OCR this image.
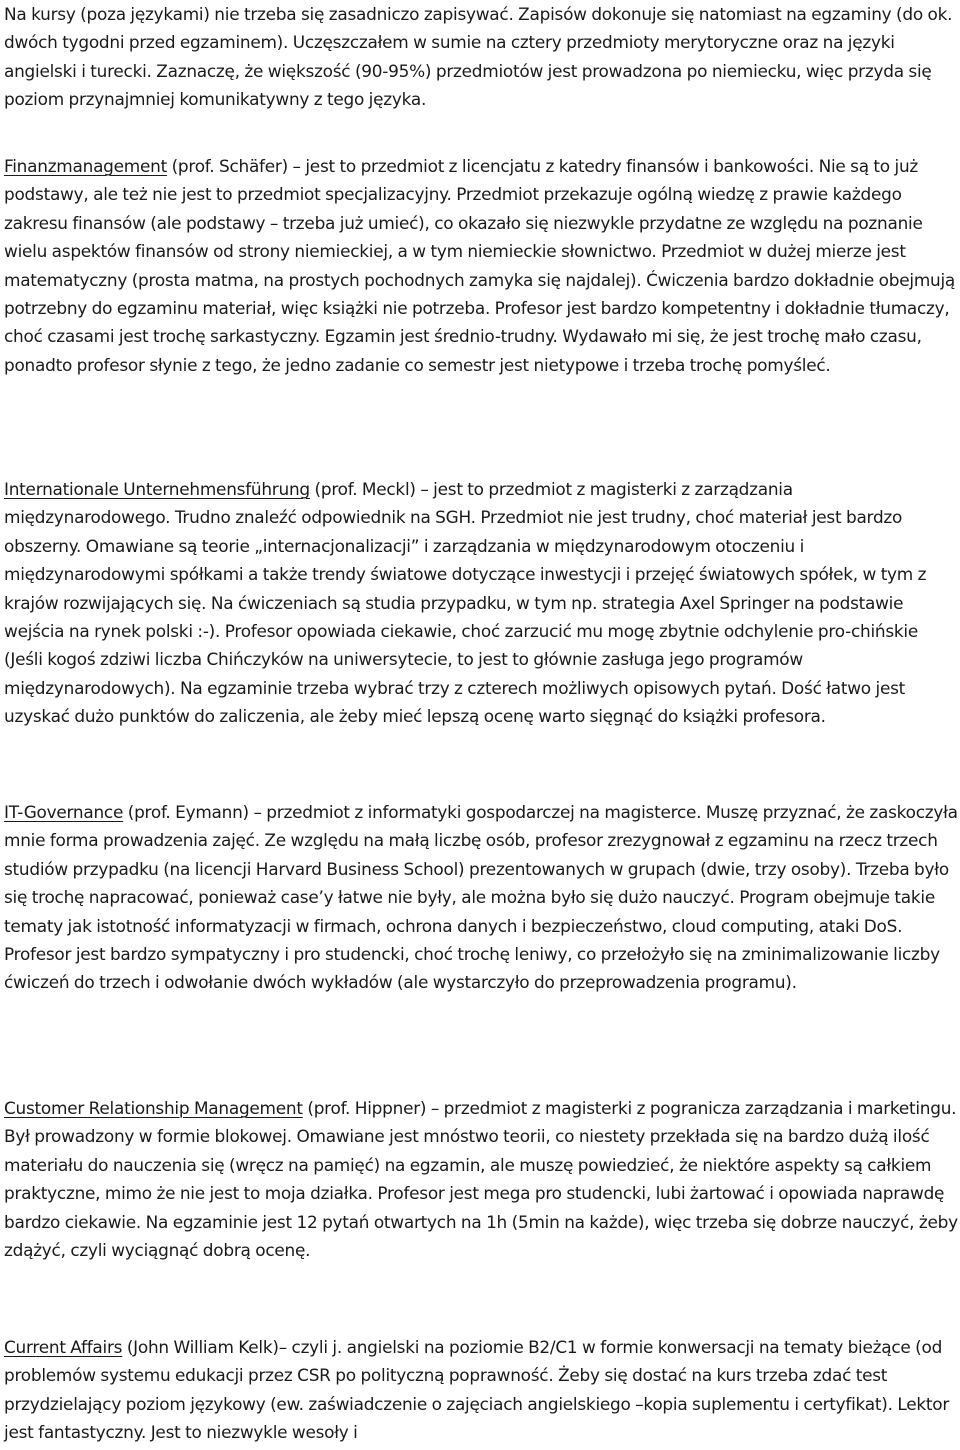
Na kursy (poza językami) nie trzeba się zasadniczo zapisywać. Zapisów dokonuje się natomiast na egzaminy (do ok. dwóch tygodni przed egzaminem). Uczęszczałem w sumie na cztery przedmioty merytoryczne oraz na języki angielski i turecki. Zaznaczę, że większość (90-95%) przedmiotów jest prowadzona po niemiecku, więc przyda się poziom przynajmniej komunikatywny z tego języka.

Finanzmanagement (prof. Schäfer) – jest to przedmiot z licencjatu z katedry finansów i bankowości. Nie są to już podstawy, ale też nie jest to przedmiot specjalizacyjny. Przedmiot przekazuje ogólną wiedzę z prawie każdego zakresu finansów (ale podstawy – trzeba już umieć), co okazało się niezwykle przydatne ze względu na poznanie wielu aspektów finansów od strony niemieckiej, a w tym niemieckie słownictwo. Przedmiot w dużej mierze jest matematyczny (prosta matma, na prostych pochodnych zamyka się najdalej). Ćwiczenia bardzo dokładnie obejmują potrzebny do egzaminu materiał, więc książki nie potrzeba. Profesor jest bardzo kompetentny i dokładnie tłumaczy, choć czasami jest trochę sarkastyczny. Egzamin jest średnio-trudny. Wydawało mi się, że jest trochę mało czasu, ponadto profesor słynie z tego, że jedno zadanie co semestr jest nietypowe i trzeba trochę pomyśleć.

Internationale Unternehmensführung (prof. Meckl) – jest to przedmiot z magisterki z zarządzania międzynarodowego. Trudno znaleźć odpowiednik na SGH. Przedmiot nie jest trudny, choć materiał jest bardzo obszerny. Omawiane są teorie „internacjonalizacji” i zarządzania w międzynarodowym otoczeniu i międzynarodowymi spółkami a także trendy światowe dotyczące inwestycji i przejęć światowych spółek, w tym z krajów rozwijających się. Na ćwiczeniach są studia przypadku, w tym np. strategia Axel Springer na podstawie wejścia na rynek polski :-). Profesor opowiada ciekawie, choć zarzucić mu mogę zbytnie odchylenie pro-chińskie (Jeśli kogoś zdziwi liczba Chińczyków na uniwersytecie, to jest to głównie zasługa jego programów międzynarodowych). Na egzaminie trzeba wybrać trzy z czterech możliwych opisowych pytań. Dość łatwo jest uzyskać dużo punktów do zaliczenia, ale żeby mieć lepszą ocenę warto sięgnąć do książki profesora.

IT-Governance (prof. Eymann) – przedmiot z informatyki gospodarczej na magisterce. Muszę przyznać, że zaskoczyła mnie forma prowadzenia zajęć. Ze względu na małą liczbę osób, profesor zrezygnował z egzaminu na rzecz trzech studiów przypadku (na licencji Harvard Business School) prezentowanych w grupach (dwie, trzy osoby). Trzeba było się trochę napracować, ponieważ case’y łatwe nie były, ale można było się dużo nauczyć. Program obejmuje takie tematy jak istotność informatyzacji w firmach, ochrona danych i bezpieczeństwo, cloud computing, ataki DoS. Profesor jest bardzo sympatyczny i pro studencki, choć trochę leniwy, co przełożyło się na zminimalizowanie liczby ćwiczeń do trzech i odwołanie dwóch wykładów (ale wystarczyło do przeprowadzenia programu).

Customer Relationship Management (prof. Hippner) – przedmiot z magisterki z pogranicza zarządzania i marketingu. Był prowadzony w formie blokowej. Omawiane jest mnóstwo teorii, co niestety przekłada się na bardzo dużą ilość materiału do nauczenia się (wręcz na pamięć) na egzamin, ale muszę powiedzieć, że niektóre aspekty są całkiem praktyczne, mimo że nie jest to moja działka. Profesor jest mega pro studencki, lubi żartować i opowiada naprawdę bardzo ciekawie. Na egzaminie jest 12 pytań otwartych na 1h (5min na każde), więc trzeba się dobrze nauczyć, żeby zdążyć, czyli wyciągnąć dobrą ocenę.

Current Affairs (John William Kelk)– czyli j. angielski na poziomie B2/C1 w formie konwersacji na tematy bieżące (od problemów systemu edukacji przez CSR po polityczną poprawność. Żeby się dostać na kurs trzeba zdać test przydzielający poziom językowy (ew. zaświadczenie o zajęciach angielskiego –kopia suplementu i certyfikat). Lektor jest fantastyczny. Jest to niezwykle wesoły i
